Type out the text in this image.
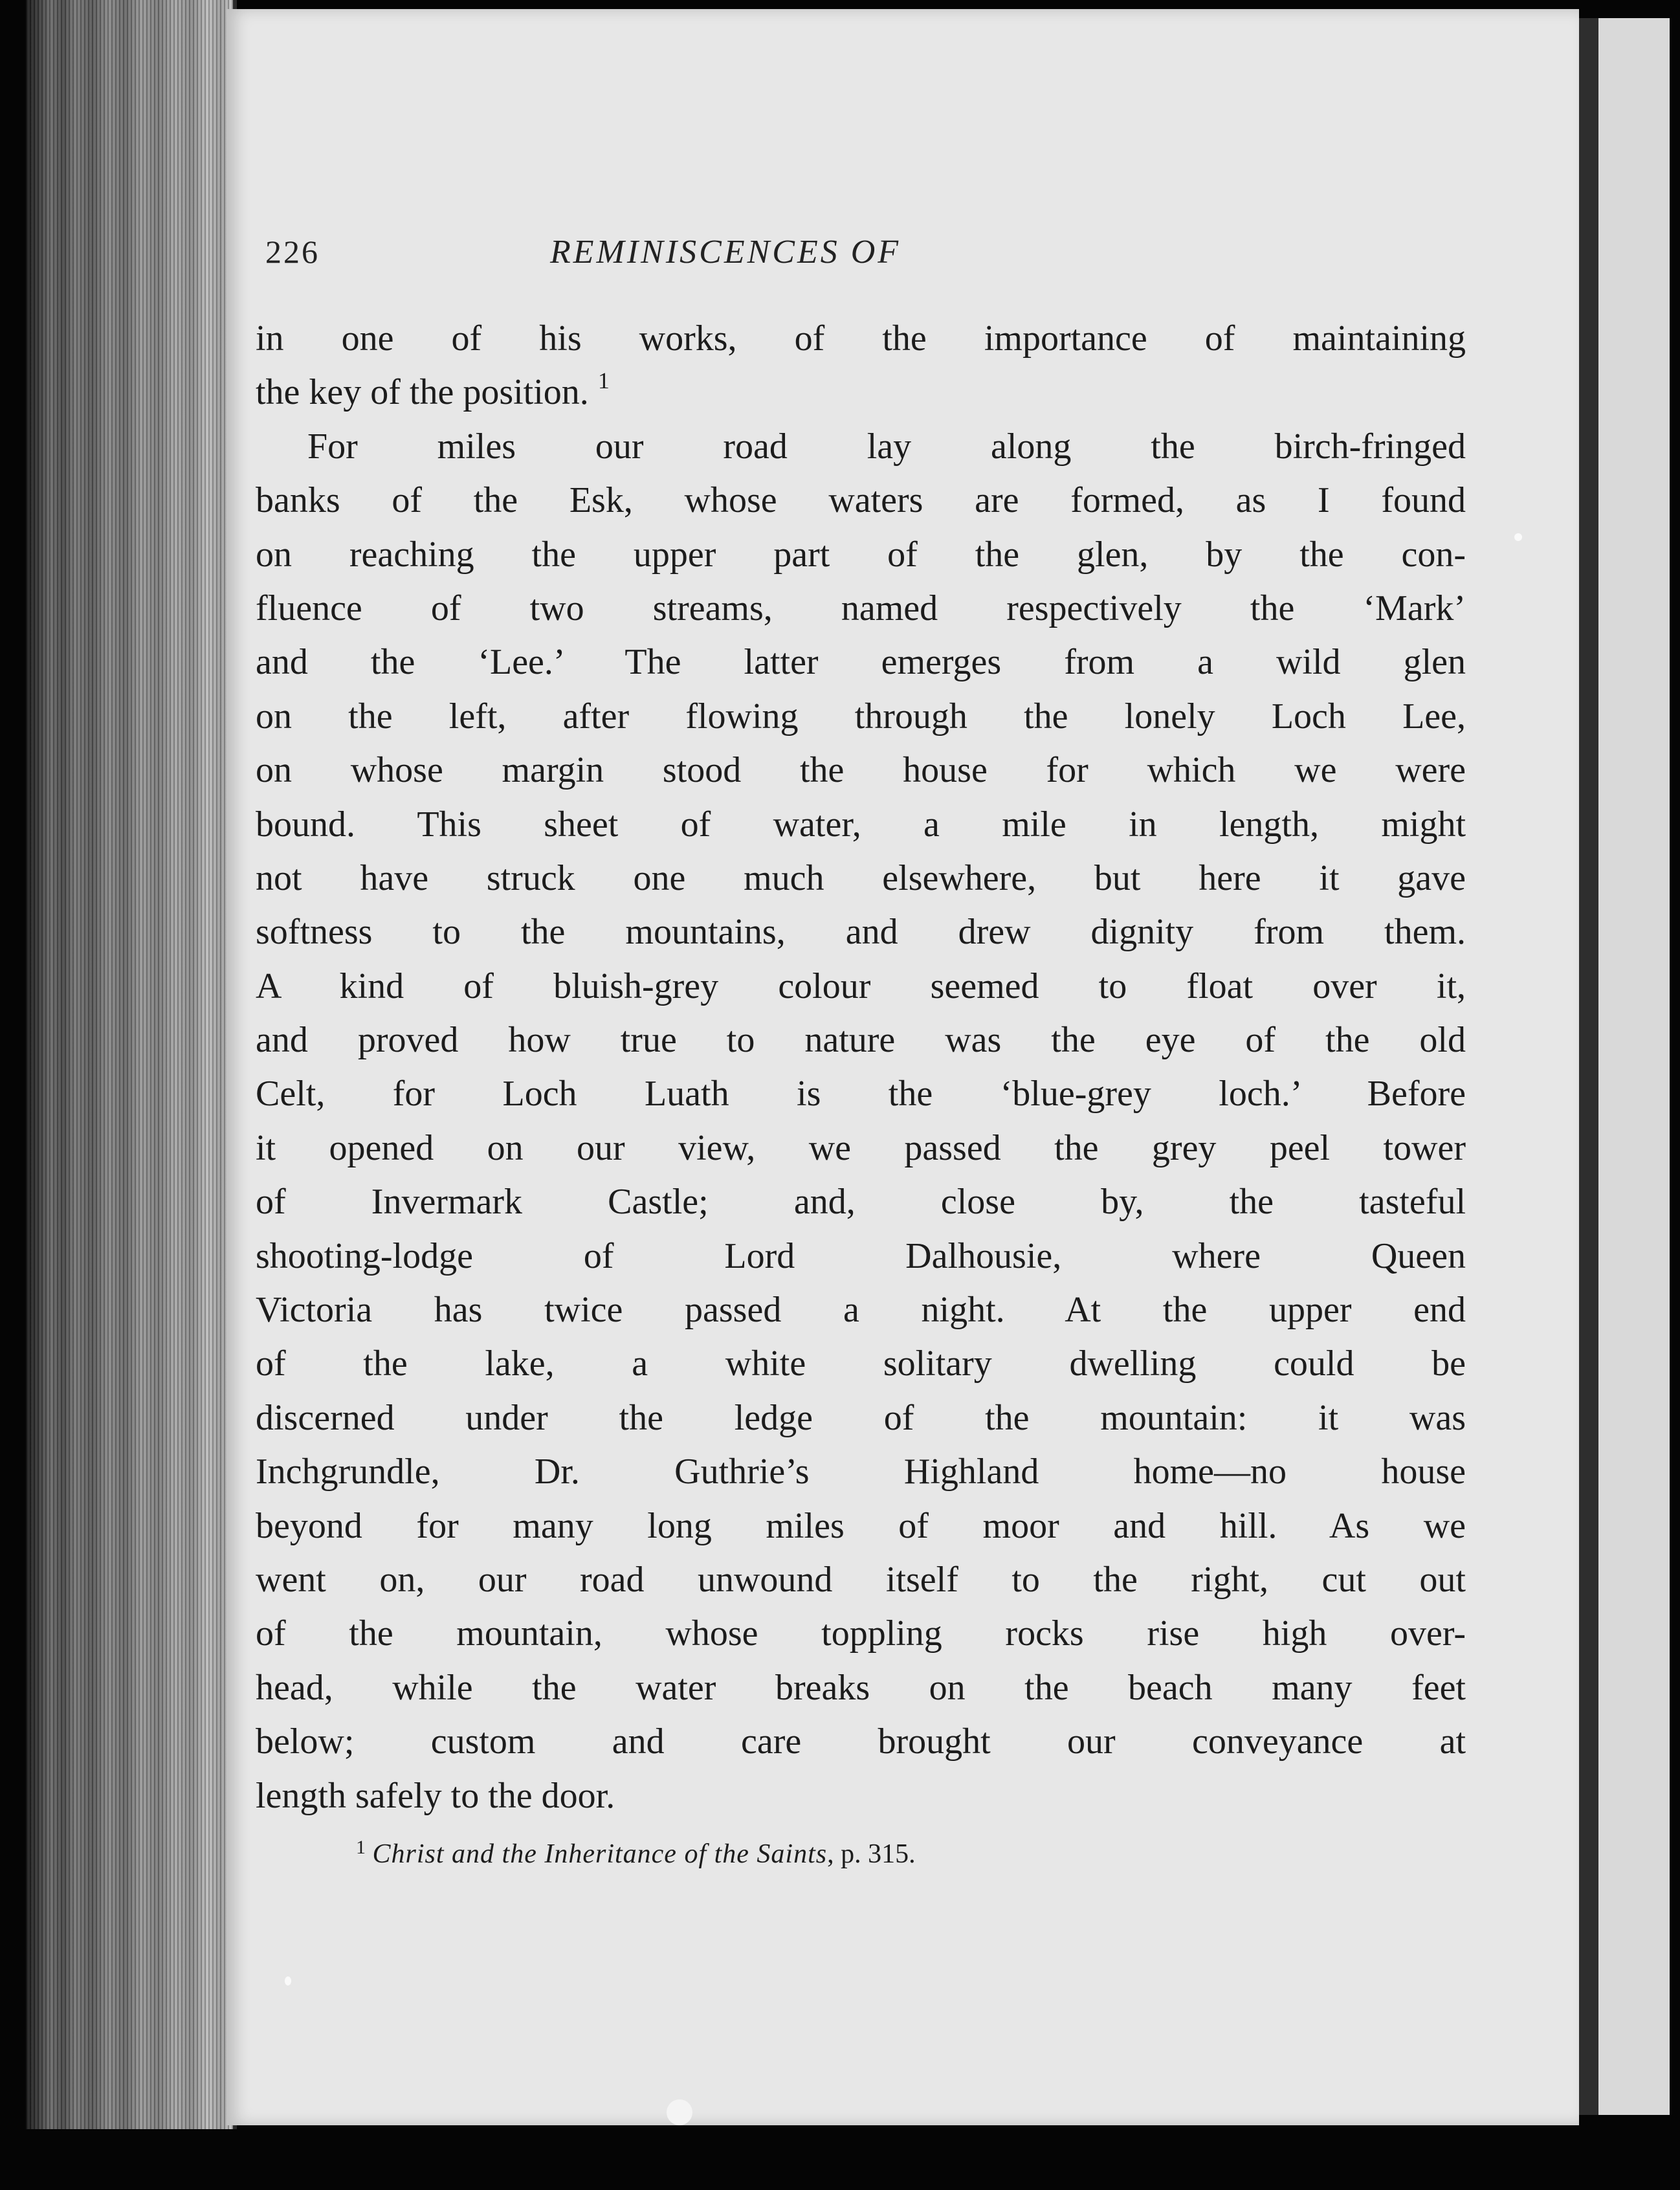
226	REMINISCENCES OF
in one of his works, of the importance of maintaining
the key of the position. $^1$
For miles our road lay along the birch-fringed
banks of the Esk, whose waters are formed, as I found
on reaching the upper part of the glen, by the con-
fluence of two streams, named respectively the ‘Mark’
and the ‘Lee.’ The latter emerges from a wild glen
on the left, after flowing through the lonely Loch Lee,
on whose margin stood the house for which we were
bound. This sheet of water, a mile in length, might
not have struck one much elsewhere, but here it gave
softness to the mountains, and drew dignity from them.
A kind of bluish-grey colour seemed to float over it,
and proved how true to nature was the eye of the old
Celt, for Loch Luath is the ‘blue-grey loch.’ Before
it opened on our view, we passed the grey peel tower
of Invermark Castle; and, close by, the tasteful
shooting-lodge of Lord Dalhousie, where Queen
Victoria has twice passed a night. At the upper end
of the lake, a white solitary dwelling could be
discerned under the ledge of the mountain: it was
Inchgrundle, Dr. Guthrie’s Highland home—no house
beyond for many long miles of moor and hill. As we
went on, our road unwound itself to the right, cut out
of the mountain, whose toppling rocks rise high over-
head, while the water breaks on the beach many feet
below; custom and care brought our conveyance at
length safely to the door.
$^1$ Christ and the Inheritance of the Saints, p. 315.
